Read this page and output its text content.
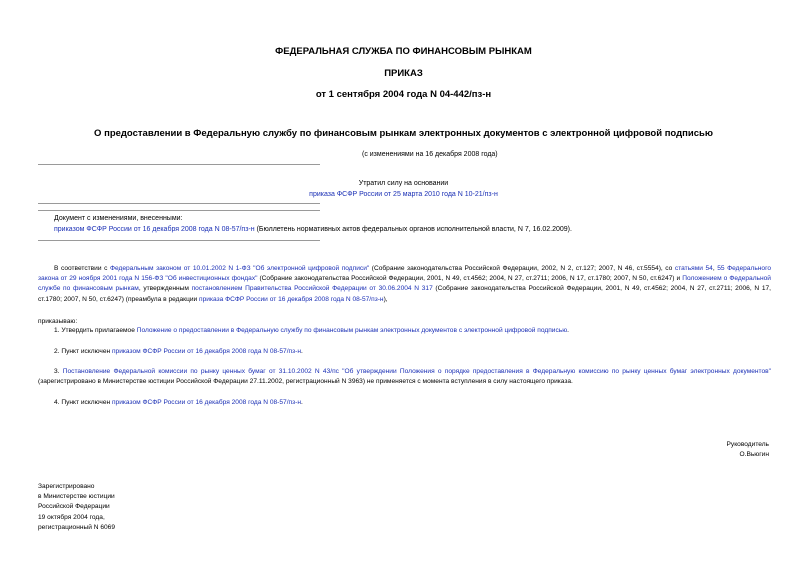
ФЕДЕРАЛЬНАЯ СЛУЖБА ПО ФИНАНСОВЫМ РЫНКАМ
ПРИКАЗ
от 1 сентября 2004 года N 04-442/пз-н
О предоставлении в Федеральную службу по финансовым рынкам электронных документов с электронной цифровой подписью
(с изменениями на 16 декабря 2008 года)
Утратил силу на основании
приказа ФСФР России от 25 марта 2010 года N 10-21/пз-н
Документ с изменениями, внесенными:
приказом ФСФР России от 16 декабря 2008 года N 08-57/пз-н (Бюллетень нормативных актов федеральных органов исполнительной власти, N 7, 16.02.2009).
В соответствии с Федеральным законом от 10.01.2002 N 1-ФЗ "Об электронной цифровой подписи" (Собрание законодательства Российской Федерации, 2002, N 2, ст.127; 2007, N 46, ст.5554), со статьями 54, 55 Федерального закона от 29 ноября 2001 года N 156-ФЗ "Об инвестиционных фондах" (Собрание законодательства Российской Федерации, 2001, N 49, ст.4562; 2004, N 27, ст.2711; 2006, N 17, ст.1780; 2007, N 50, ст.6247) и Положением о Федеральной службе по финансовым рынкам, утвержденным постановлением Правительства Российской Федерации от 30.06.2004 N 317 (Собрание законодательства Российской Федерации, 2001, N 49, ст.4562; 2004, N 27, ст.2711; 2006, N 17, ст.1780; 2007, N 50, ст.6247) (преамбула в редакции приказа ФСФР России от 16 декабря 2008 года N 08-57/пз-н),
приказываю:
1. Утвердить прилагаемое Положение о предоставлении в Федеральную службу по финансовым рынкам электронных документов с электронной цифровой подписью.
2. Пункт исключен приказом ФСФР России от 16 декабря 2008 года N 08-57/пз-н.
3. Постановление Федеральной комиссии по рынку ценных бумаг от 31.10.2002 N 43/пс "Об утверждении Положения о порядке предоставления в Федеральную комиссию по рынку ценных бумаг электронных документов" (зарегистрировано в Министерстве юстиции Российской Федерации 27.11.2002, регистрационный N 3963) не применяется с момента вступления в силу настоящего приказа.
4. Пункт исключен приказом ФСФР России от 16 декабря 2008 года N 08-57/пз-н.
Руководитель
О.Вьюгин
Зарегистрировано
в Министерстве юстиции
Российской Федерации
19 октября 2004 года,
регистрационный N 6069
